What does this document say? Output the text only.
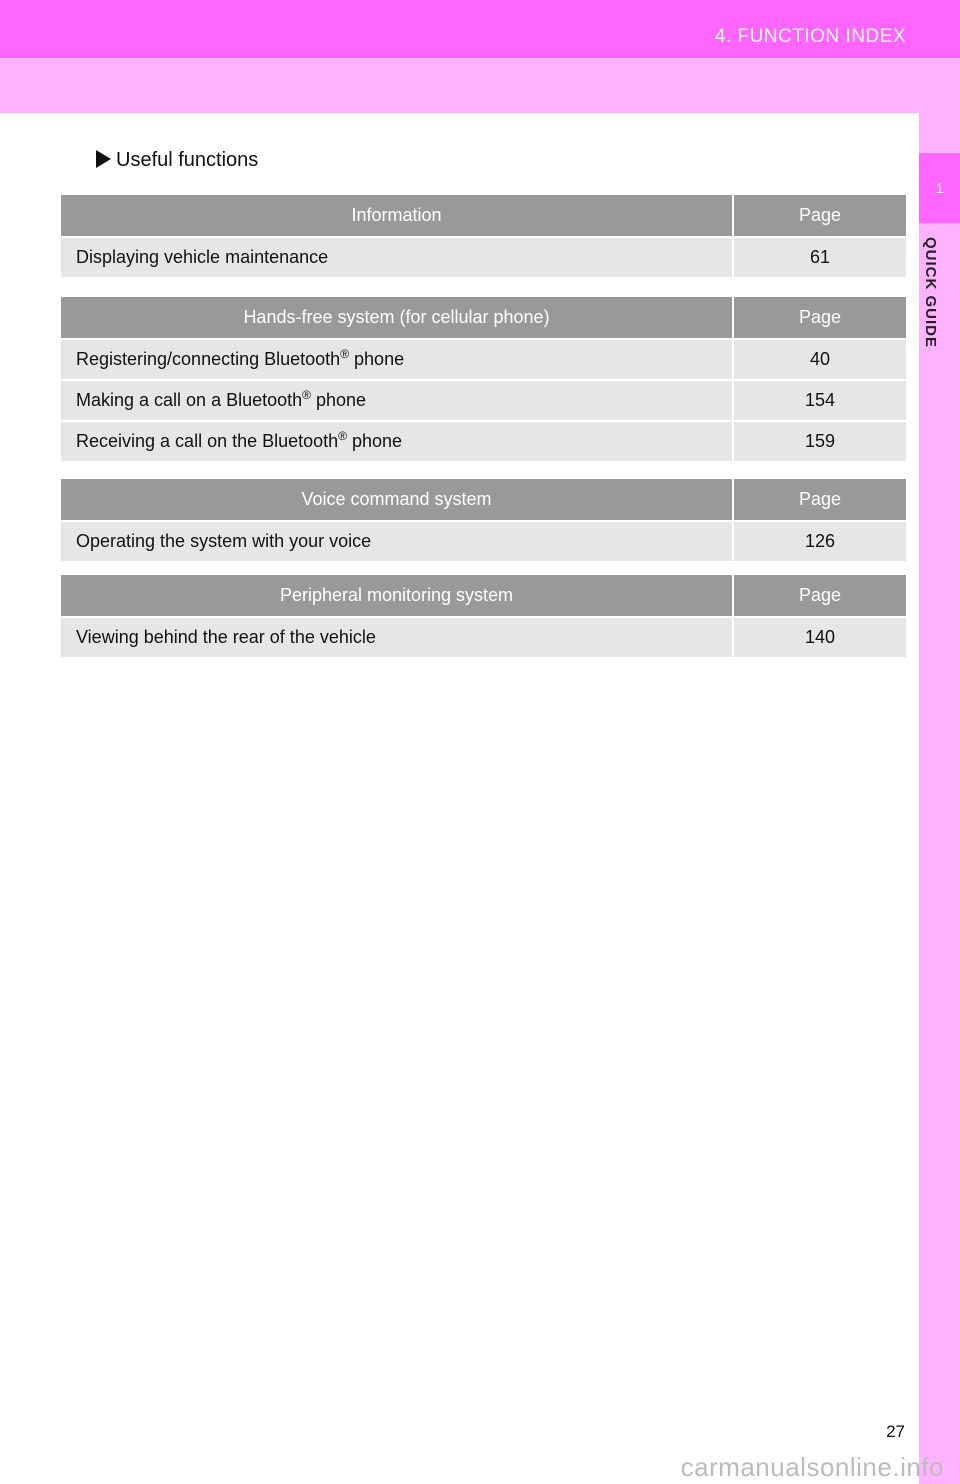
4. FUNCTION INDEX
1
QUICK GUIDE
Useful functions
Information	Page
Displaying vehicle maintenance	61
Hands-free system (for cellular phone)	Page
Registering/connecting Bluetooth® phone	40
Making a call on a Bluetooth® phone	154
Receiving a call on the Bluetooth® phone	159
Voice command system	Page
Operating the system with your voice	126
Peripheral monitoring system	Page
Viewing behind the rear of the vehicle	140
27
carmanualsonline.info
